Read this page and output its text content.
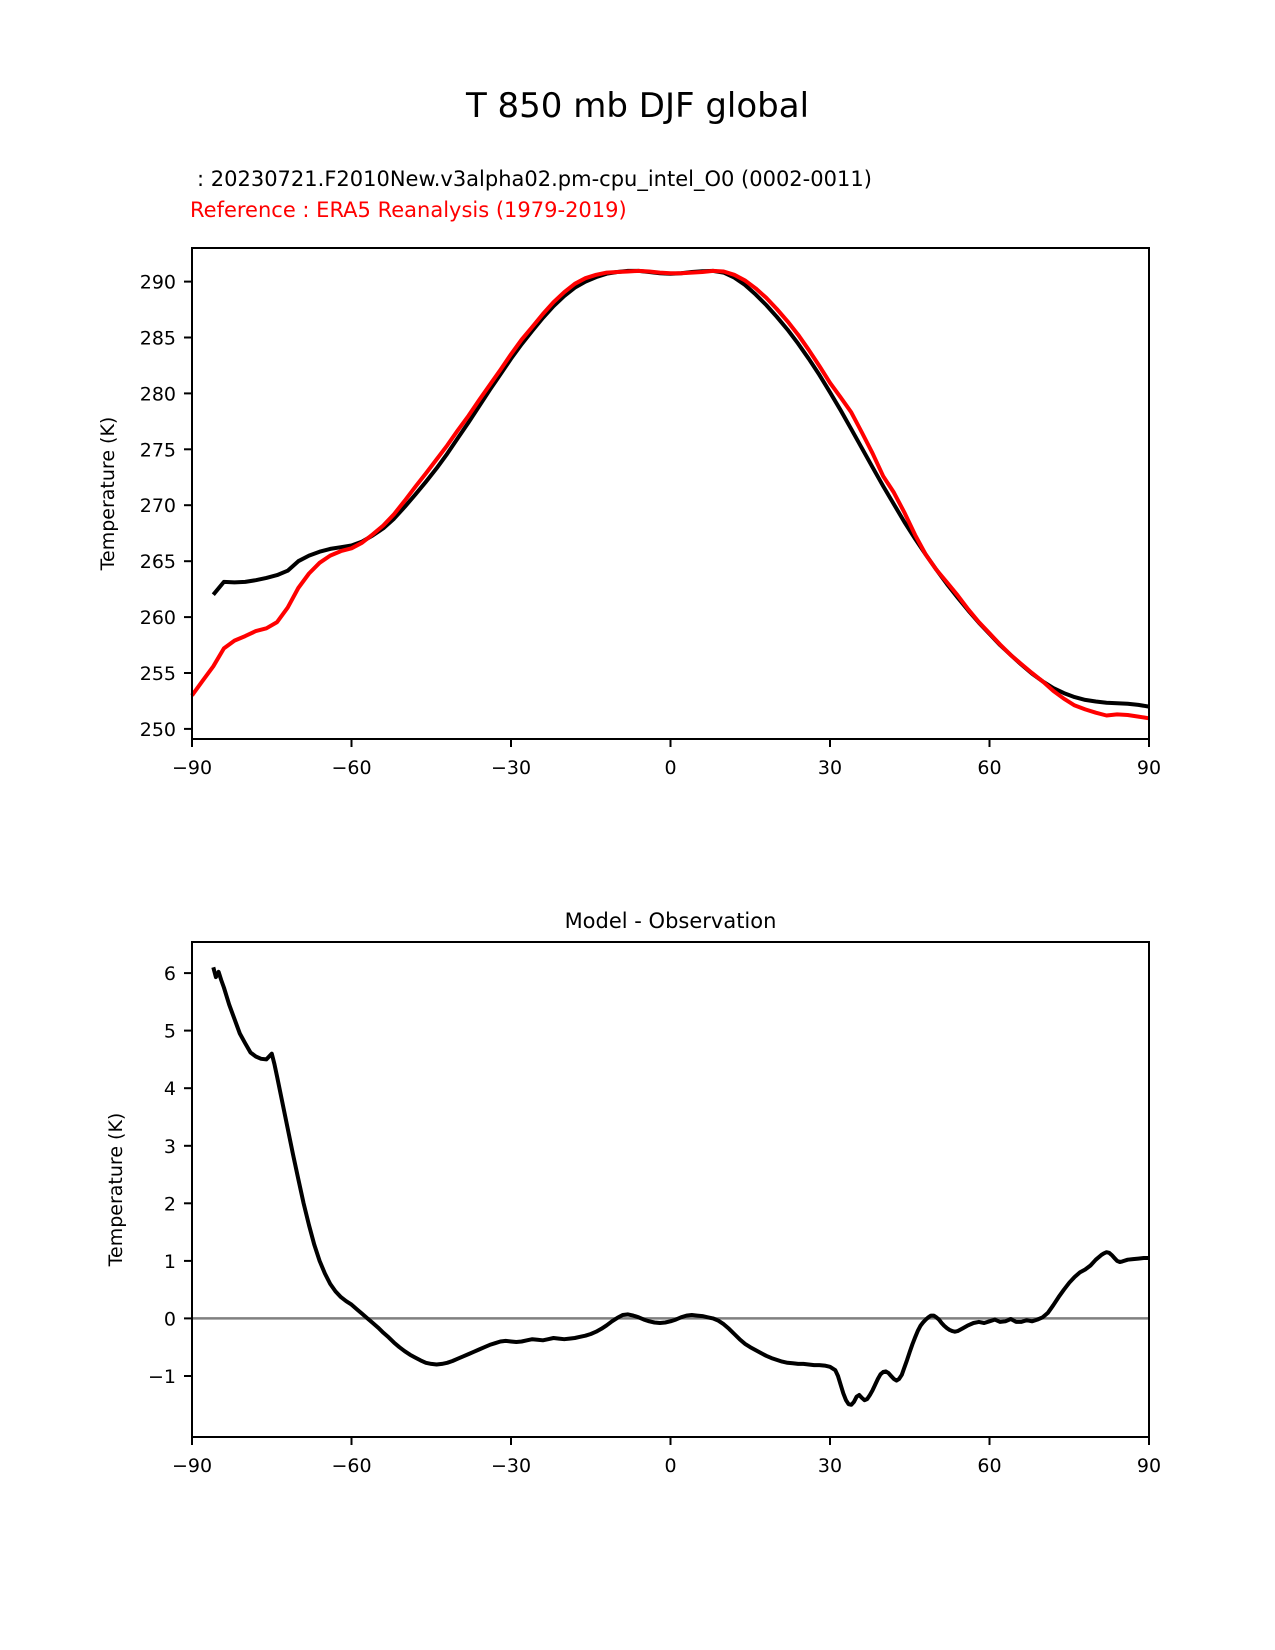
T 850 mb DJF global
: 20230721.F2010New.v3alpha02.pm-cpu_intel_O0 (0002-0011)
Reference : ERA5 Reanalysis (1979-2019)
−90	−60	−30	0	30	60	90
250
255
260
265
270
275
280
285
290
Temperature (K)
−90	−60	−30	0	30	60	90
−1
0
1
2
3
4
5
6
Temperature (K)
Model - Observation
